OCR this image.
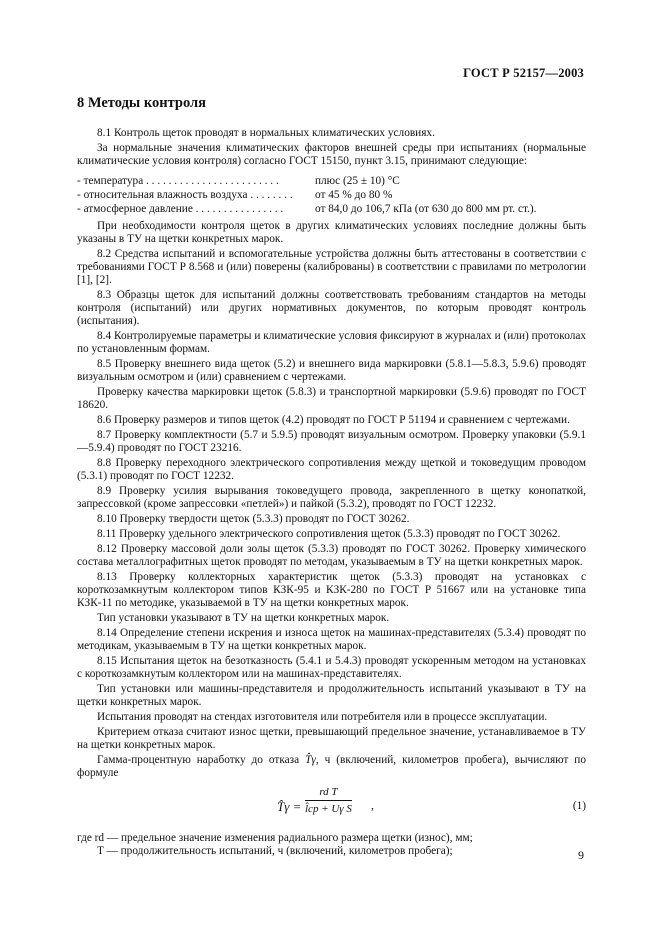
ГОСТ Р 52157—2003
8 Методы контроля

8.1 Контроль щеток проводят в нормальных климатических условиях.

За нормальные значения климатических факторов внешней среды при испытаниях (нормальные климатические условия контроля) согласно ГОСТ 15150, пункт 3.15, принимают следующие:

- температура . . . . . . . . . . . . . . . . . . . . . . . .	плюс (25 ± 10) °С
- относительная влажность воздуха . . . . . . . .	от 45 % до 80 %
- атмосферное давление . . . . . . . . . . . . . . . .	от 84,0 до 106,7 кПа (от 630 до 800 мм рт. ст.).

При необходимости контроля щеток в других климатических условиях последние должны быть указаны в ТУ на щетки конкретных марок.

8.2 Средства испытаний и вспомогательные устройства должны быть аттестованы в соответствии с требованиями ГОСТ Р 8.568 и (или) поверены (калиброваны) в соответствии с правилами по метрологии [1], [2].

8.3 Образцы щеток для испытаний должны соответствовать требованиям стандартов на методы контроля (испытаний) или других нормативных документов, по которым проводят контроль (испытания).

8.4 Контролируемые параметры и климатические условия фиксируют в журналах и (или) протоколах по установленным формам.

8.5 Проверку внешнего вида щеток (5.2) и внешнего вида маркировки (5.8.1—5.8.3, 5.9.6) проводят визуальным осмотром и (или) сравнением с чертежами.

Проверку качества маркировки щеток (5.8.3) и транспортной маркировки (5.9.6) проводят по ГОСТ 18620.

8.6 Проверку размеров и типов щеток (4.2) проводят по ГОСТ Р 51194 и сравнением с чертежами.

8.7 Проверку комплектности (5.7 и 5.9.5) проводят визуальным осмотром. Проверку упаковки (5.9.1—5.9.4) проводят по ГОСТ 23216.

8.8 Проверку переходного электрического сопротивления между щеткой и токоведущим проводом (5.3.1) проводят по ГОСТ 12232.

8.9 Проверку усилия вырывания токоведущего провода, закрепленного в щетку конопаткой, запрессовкой (кроме запрессовки «петлей») и пайкой (5.3.2), проводят по ГОСТ 12232.

8.10 Проверку твердости щеток (5.3.3) проводят по ГОСТ 30262.

8.11 Проверку удельного электрического сопротивления щеток (5.3.3) проводят по ГОСТ 30262.

8.12 Проверку массовой доли золы щеток (5.3.3) проводят по ГОСТ 30262. Проверку химического состава металлографитных щеток проводят по методам, указываемым в ТУ на щетки конкретных марок.

8.13 Проверку коллекторных характеристик щеток (5.3.3) проводят на установках с короткозамкнутым коллектором типов КЗК-95 и КЗК-280 по ГОСТ Р 51667 или на установке типа КЗК-11 по методике, указываемой в ТУ на щетки конкретных марок.

Тип установки указывают в ТУ на щетки конкретных марок.

8.14 Определение степени искрения и износа щеток на машинах-представителях (5.3.4) проводят по методикам, указываемым в ТУ на щетки конкретных марок.

8.15 Испытания щеток на безотказность (5.4.1 и 5.4.3) проводят ускоренным методом на установках с короткозамкнутым коллектором или на машинах-представителях.

Тип установки или машины-представителя и продолжительность испытаний указывают в ТУ на щетки конкретных марок.

Испытания проводят на стендах изготовителя или потребителя или в процессе эксплуатации.

Критерием отказа считают износ щетки, превышающий предельное значение, устанавливаемое в ТУ на щетки конкретных марок.

Гамма-процентную наработку до отказа T̂γ, ч (включений, километров пробега), вычисляют по формуле

T̂γ = $\frac{\text{rd T}}{\text{l̂cp + Uγ S}}$ ,	(1)

где rd — предельное значение изменения радиального размера щетки (износ), мм;

T — продолжительность испытаний, ч (включений, километров пробега);	9
